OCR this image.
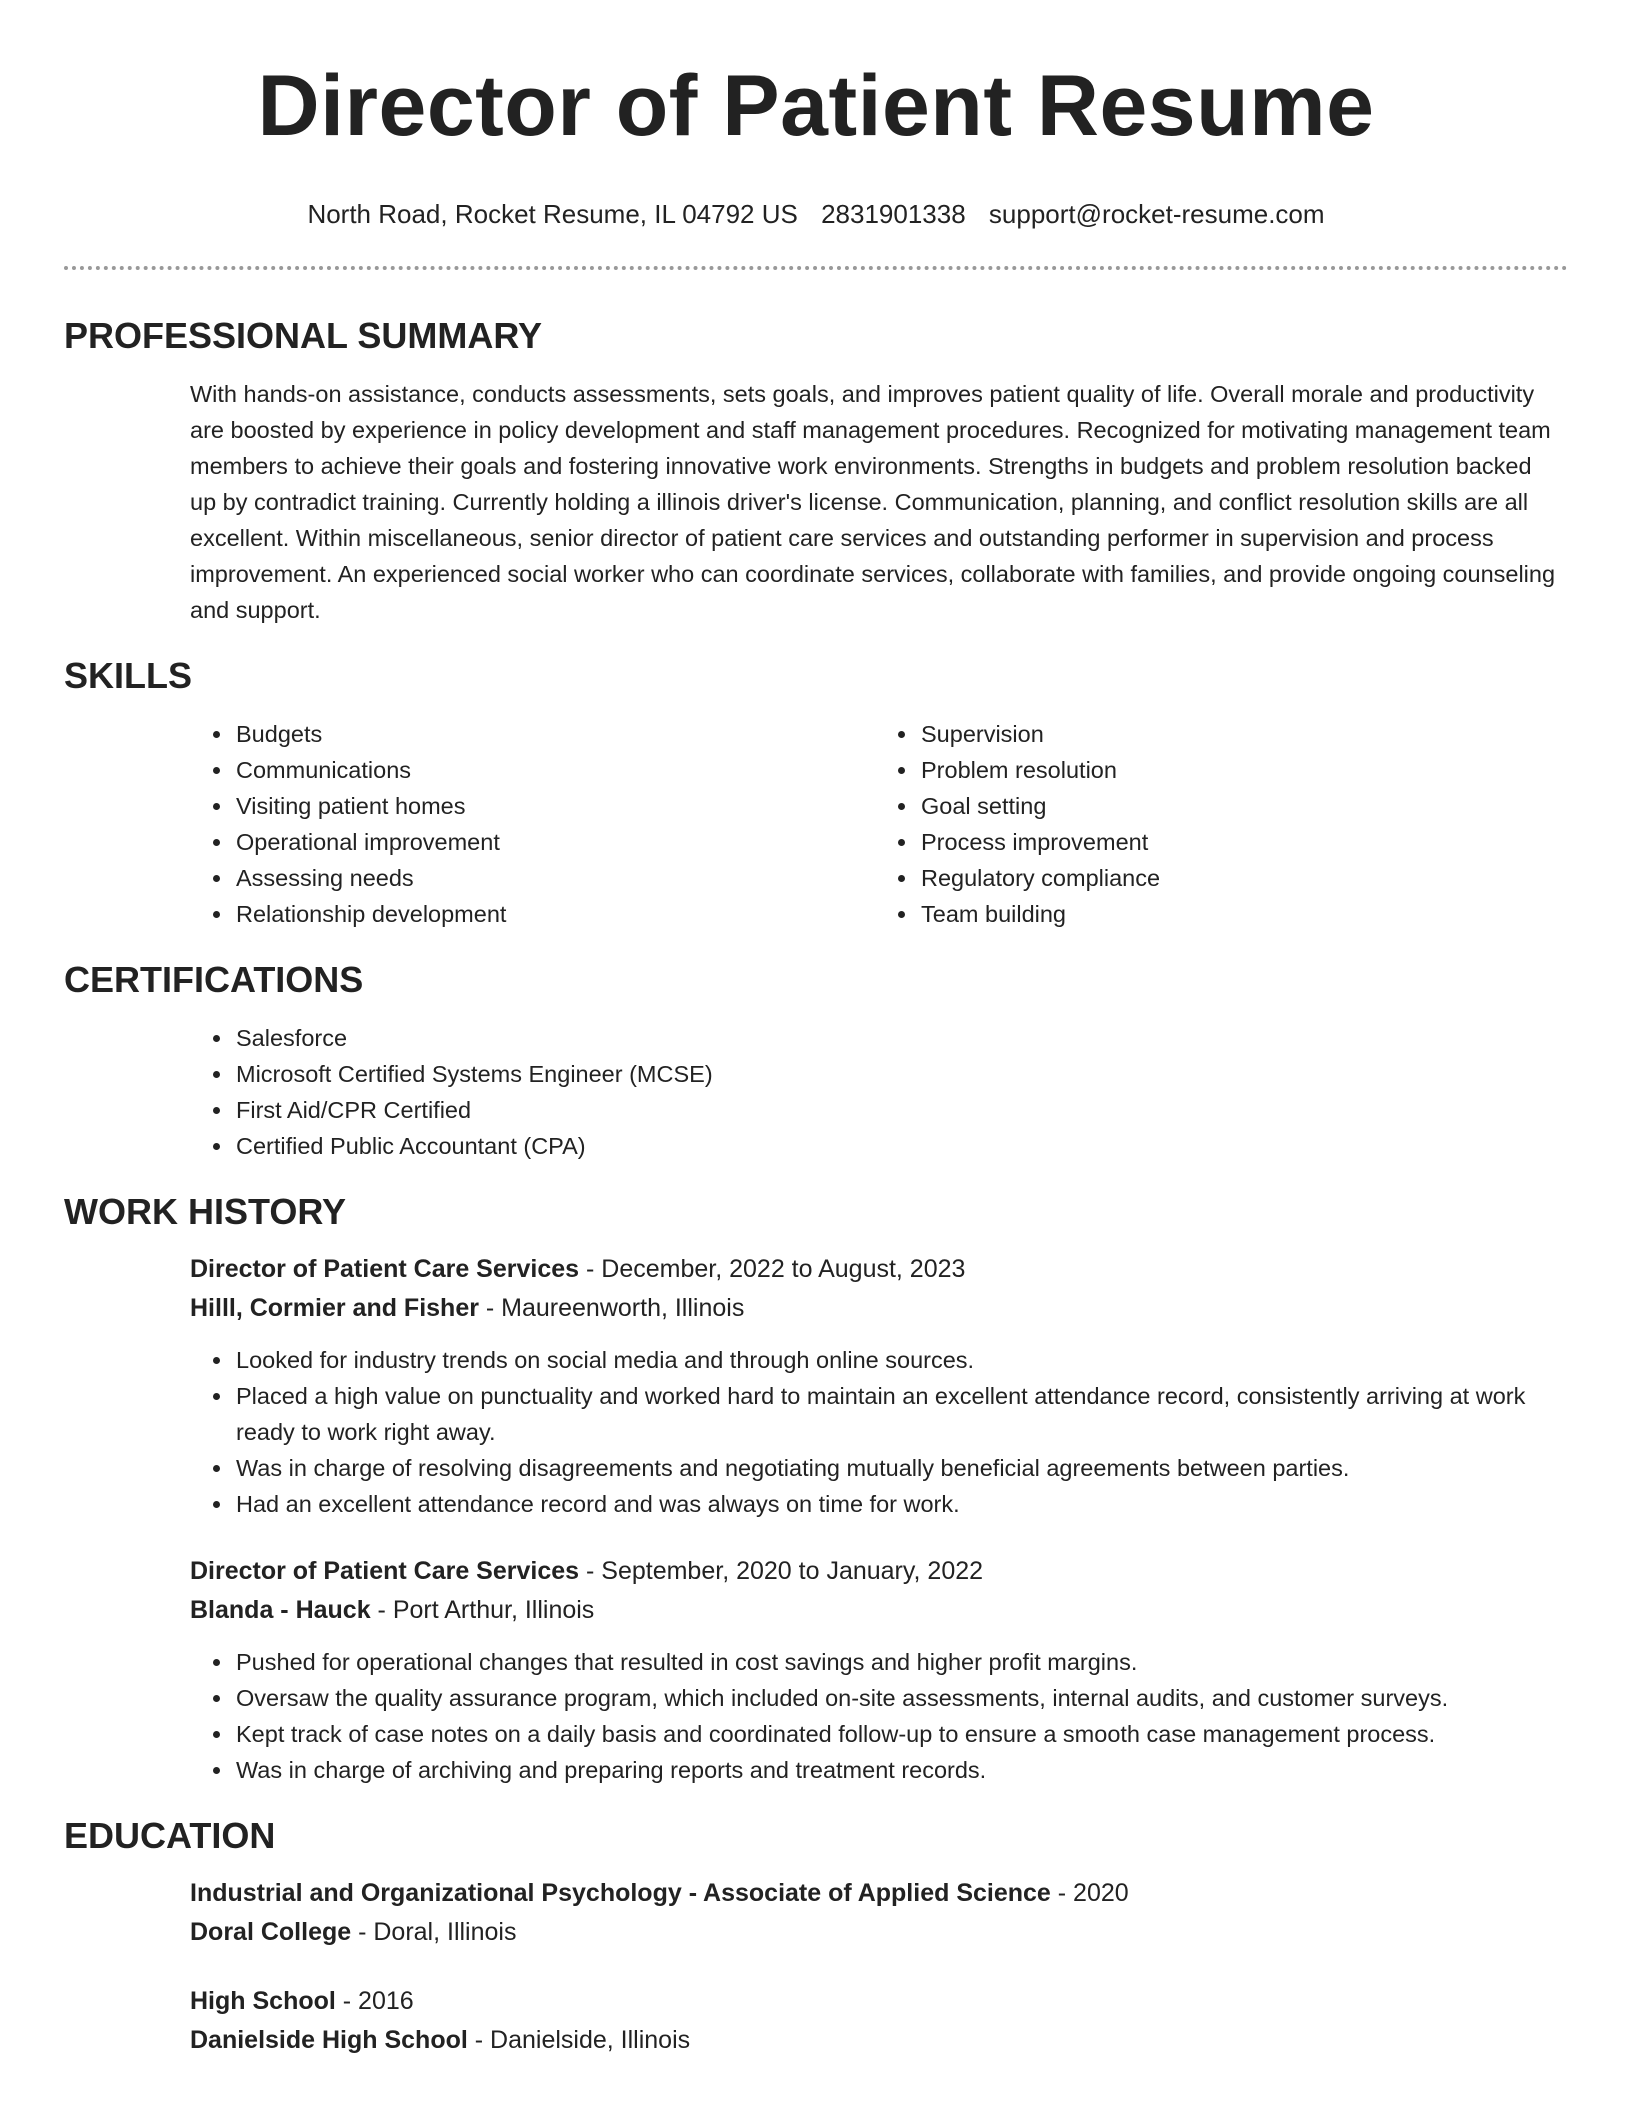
Director of Patient Resume
North Road, Rocket Resume, IL 04792 US 2831901338 support@rocket-resume.com
PROFESSIONAL SUMMARY
With hands-on assistance, conducts assessments, sets goals, and improves patient quality of life. Overall morale and productivity are boosted by experience in policy development and staff management procedures. Recognized for motivating management team members to achieve their goals and fostering innovative work environments. Strengths in budgets and problem resolution backed up by contradict training. Currently holding a illinois driver's license. Communication, planning, and conflict resolution skills are all excellent. Within miscellaneous, senior director of patient care services and outstanding performer in supervision and process improvement. An experienced social worker who can coordinate services, collaborate with families, and provide ongoing counseling and support.
SKILLS
• Budgets
• Communications
• Visiting patient homes
• Operational improvement
• Assessing needs
• Relationship development
• Supervision
• Problem resolution
• Goal setting
• Process improvement
• Regulatory compliance
• Team building
CERTIFICATIONS
• Salesforce
• Microsoft Certified Systems Engineer (MCSE)
• First Aid/CPR Certified
• Certified Public Accountant (CPA)
WORK HISTORY
Director of Patient Care Services - December, 2022 to August, 2023
Hilll, Cormier and Fisher - Maureenworth, Illinois
• Looked for industry trends on social media and through online sources.
• Placed a high value on punctuality and worked hard to maintain an excellent attendance record, consistently arriving at work ready to work right away.
• Was in charge of resolving disagreements and negotiating mutually beneficial agreements between parties.
• Had an excellent attendance record and was always on time for work.
Director of Patient Care Services - September, 2020 to January, 2022
Blanda - Hauck - Port Arthur, Illinois
• Pushed for operational changes that resulted in cost savings and higher profit margins.
• Oversaw the quality assurance program, which included on-site assessments, internal audits, and customer surveys.
• Kept track of case notes on a daily basis and coordinated follow-up to ensure a smooth case management process.
• Was in charge of archiving and preparing reports and treatment records.
EDUCATION
Industrial and Organizational Psychology - Associate of Applied Science - 2020
Doral College - Doral, Illinois
High School - 2016
Danielside High School - Danielside, Illinois
